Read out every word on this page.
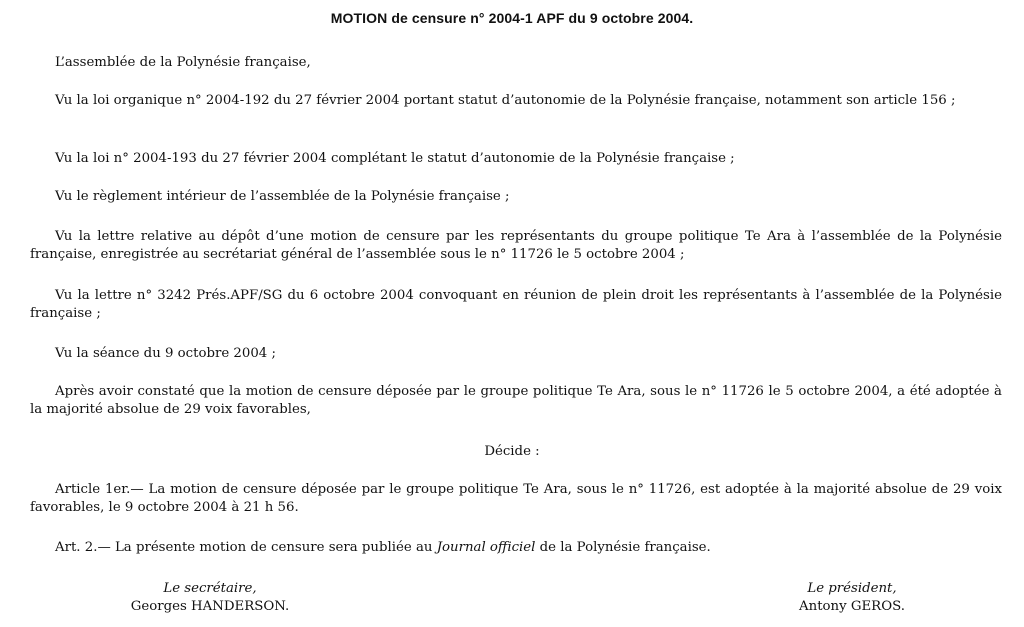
MOTION de censure n° 2004-1 APF du 9 octobre 2004.

L’assemblée de la Polynésie française,

Vu la loi organique n° 2004-192 du 27 février 2004 portant statut d’autonomie de la Polynésie française, notamment son article 156 ;

Vu la loi n° 2004-193 du 27 février 2004 complétant le statut d’autonomie de la Polynésie française ;

Vu le règlement intérieur de l’assemblée de la Polynésie française ;

Vu la lettre relative au dépôt d’une motion de censure par les représentants du groupe politique Te Ara à l’assemblée de la Polynésie française, enregistrée au secrétariat général de l’assemblée sous le n° 11726 le 5 octobre 2004 ;

Vu la lettre n° 3242 Prés.APF/SG du 6 octobre 2004 convoquant en réunion de plein droit les représentants à l’assemblée de la Polynésie française ;

Vu la séance du 9 octobre 2004 ;

Après avoir constaté que la motion de censure déposée par le groupe politique Te Ara, sous le n° 11726 le 5 octobre 2004, a été adoptée à la majorité absolue de 29 voix favorables,

Décide :

Article 1er.— La motion de censure déposée par le groupe politique Te Ara, sous le n° 11726, est adoptée à la majorité absolue de 29 voix favorables, le 9 octobre 2004 à 21 h 56.

Art. 2.— La présente motion de censure sera publiée au Journal officiel de la Polynésie française.

Le secrétaire,
Georges HANDERSON.
Le président,
Antony GEROS.
